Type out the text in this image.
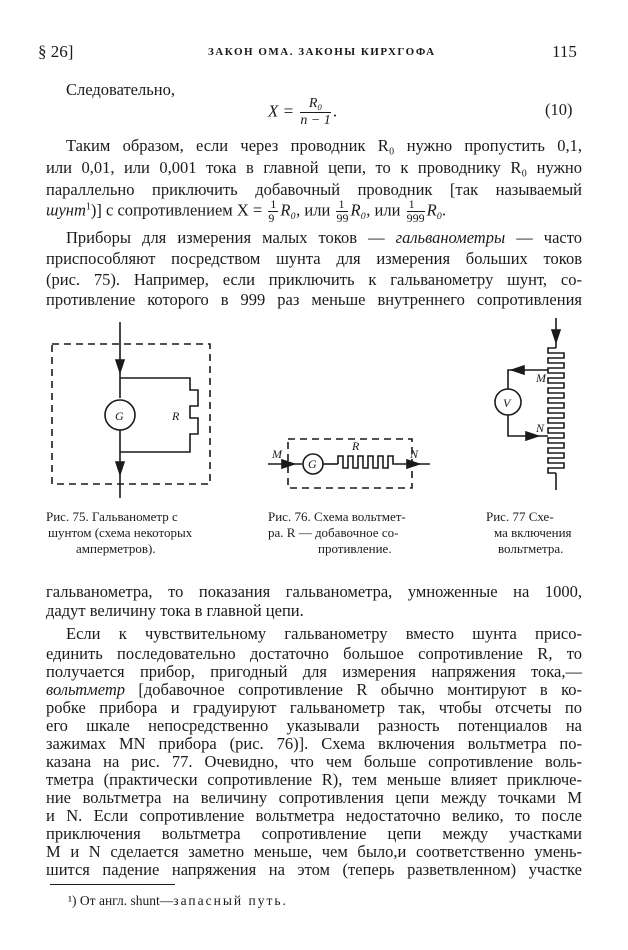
§ 26]	ЗАКОН ОМА. ЗАКОНЫ КИРХГОФА	115
Следовательно,
$X = \frac{\text{R₀}}{n - 1}$ .	(10)
Таким образом, если через проводник R₀ нужно пропустить 0,1,
или 0,01, или 0,001 тока в главной цепи, то к проводнику R₀ нужно
параллельно приключить добавочный проводник [так называемый
шунт$^1$)] с сопротивлением $X = \frac{1}{9} R_0$, или $\frac{1}{99} R_0$, или $\frac{1}{999} R_0$.
Приборы для измерения малых токов — гальванометры — часто
приспособляют посредством шунта для измерения больших токов
(рис. 75). Например, если приключить к гальванометру шунт, со-
противление которого в 999 раз меньше внутреннего сопротивления
G	R
G
M	N
R
V
M
N
Рис. 75. Гальванометр с
шунтом (схема некоторых
амперметров).
Рис. 76. Схема вольтмет-
ра. R — добавочное со-
противление.
Рис. 77 Схе-
ма включения
вольтметра.
гальванометра, то показания гальванометра, умноженные на 1000,
дадут величину тока в главной цепи.
Если к чувствительному гальванометру вместо шунта присо-
единить последовательно достаточно большое сопротивление R, то
получается прибор, пригодный для измерения напряжения тока,—
вольтметр [добавочное сопротивление R обычно монтируют в ко-
робке прибора и градуируют гальванометр так, чтобы отсчеты по
его шкале непосредственно указывали разность потенциалов на
зажимах MN прибора (рис. 76)]. Схема включения вольтметра по-
казана на рис. 77. Очевидно, что чем больше сопротивление воль-
тметра (практически сопротивление R), тем меньше влияет приключе-
ние вольтметра на величину сопротивления цепи между точками M
и N. Если сопротивление вольтметра недостаточно велико, то после
приключения вольтметра сопротивление цепи между участками
M и N сделается заметно меньше, чем было,и соответственно умень-
шится падение напряжения на этом (теперь разветвленном) участке
¹) От англ. shunt—запасный путь.
